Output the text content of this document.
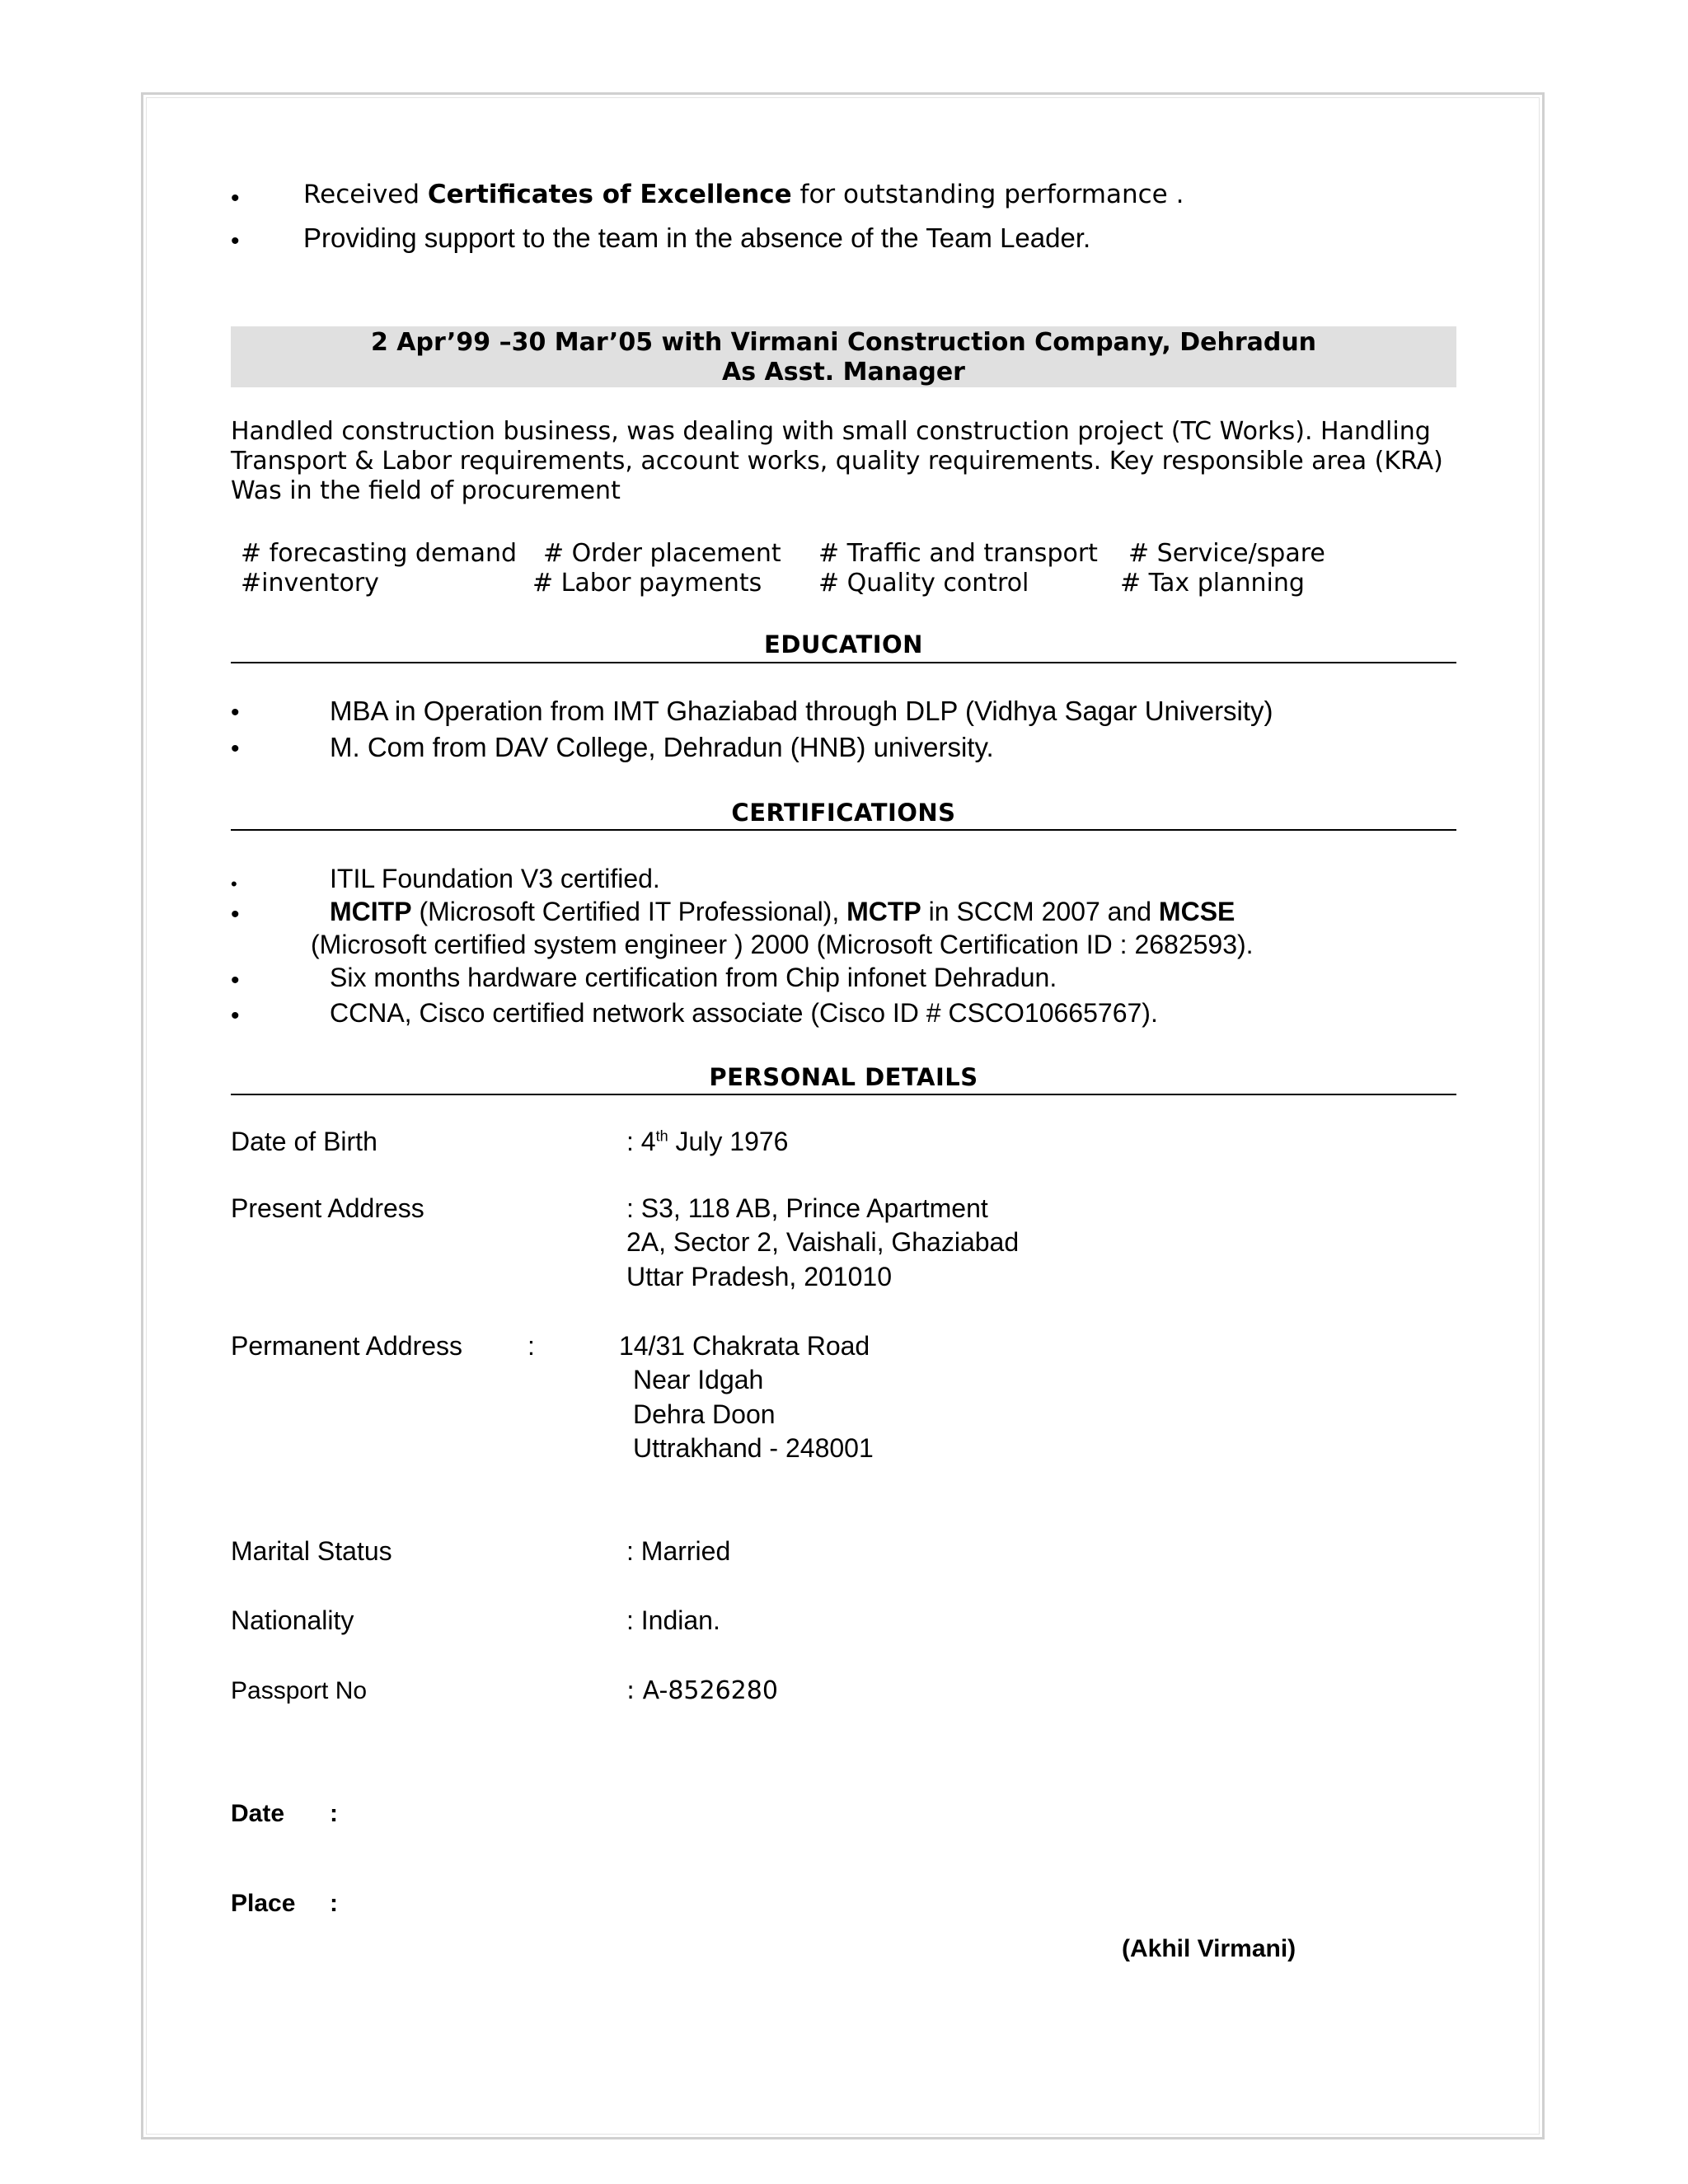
• Received Certificates of Excellence for outstanding performance .
• Providing support to the team in the absence of the Team Leader.
2 Apr’99 –30 Mar’05 with Virmani Construction Company, Dehradun
As Asst. Manager
Handled construction business, was dealing with small construction project (TC Works). Handling
Transport & Labor requirements, account works, quality requirements. Key responsible area (KRA)
Was in the field of procurement
# forecasting demand # Order placement # Traffic and transport # Service/spare
#inventory	# Labor payments # Quality control	# Tax planning
EDUCATION
•	MBA in Operation from IMT Ghaziabad through DLP (Vidhya Sagar University)
•	M. Com from DAV College, Dehradun (HNB) university.
CERTIFICATIONS
•	ITIL Foundation V3 certified.
•	MCITP (Microsoft Certified IT Professional), MCTP in SCCM 2007 and MCSE
(Microsoft certified system engineer ) 2000 (Microsoft Certification ID : 2682593).
•	Six months hardware certification from Chip infonet Dehradun.
•	CCNA, Cisco certified network associate (Cisco ID # CSCO10665767).
PERSONAL DETAILS
Date of Birth	: 4th July 1976
Present Address	: S3, 118 AB, Prince Apartment
2A, Sector 2, Vaishali, Ghaziabad
Uttar Pradesh, 201010
Permanent Address :	14/31 Chakrata Road
Near Idgah
Dehra Doon
Uttrakhand - 248001
Marital Status	: Married
Nationality	: Indian.
Passport No	: A-8526280
Date :
Place :
(Akhil Virmani)
